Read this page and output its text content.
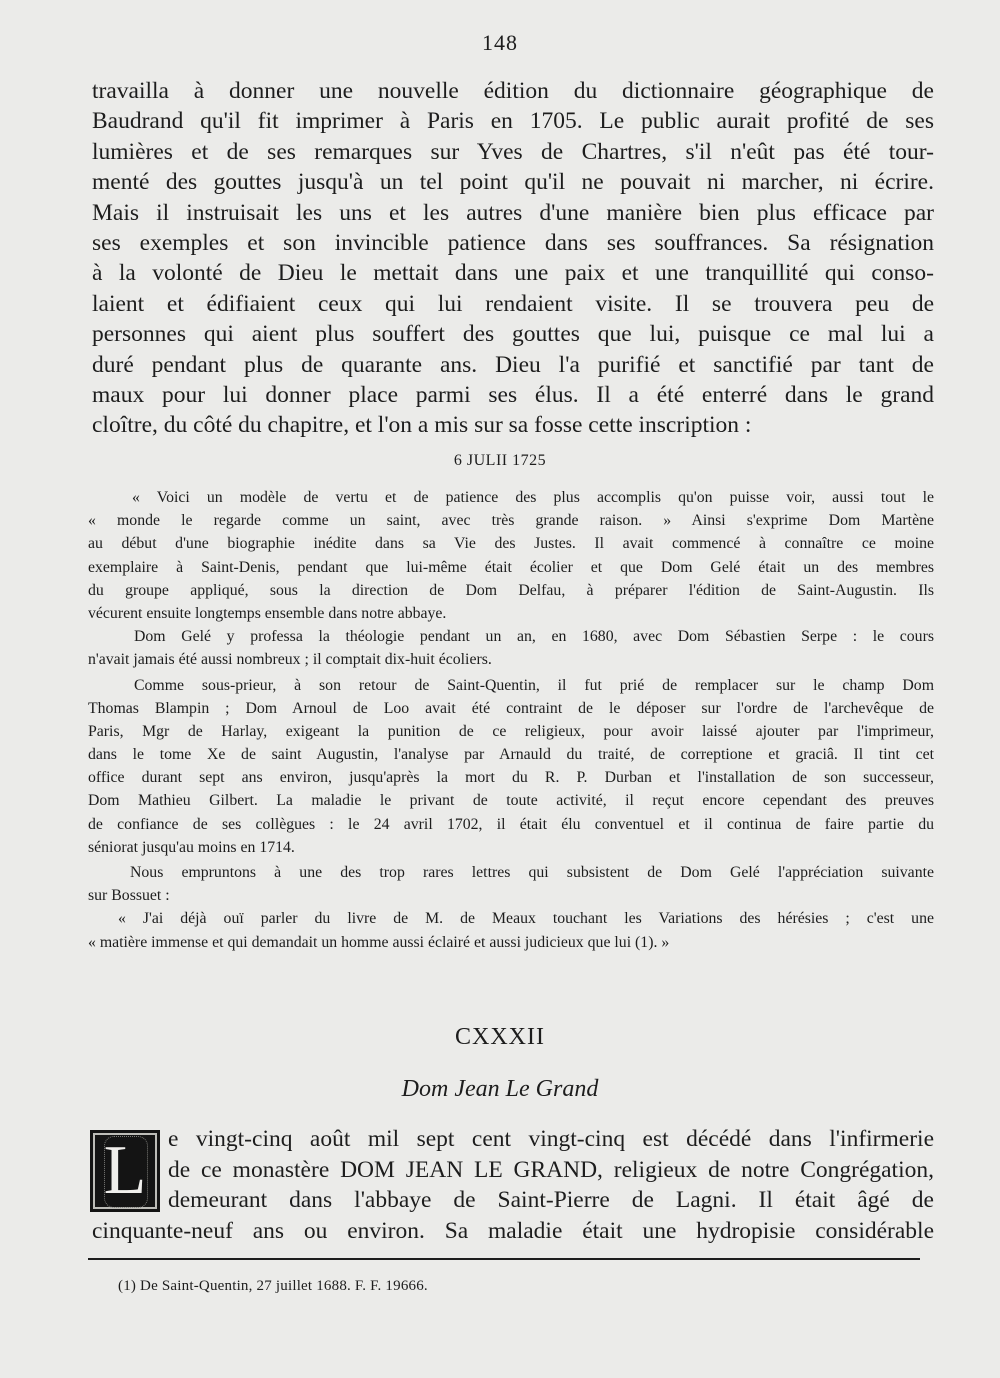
148
travailla à donner une nouvelle édition du dictionnaire géographique de
Baudrand qu'il fit imprimer à Paris en 1705. Le public aurait profité de ses
lumières et de ses remarques sur Yves de Chartres, s'il n'eût pas été tour-
menté des gouttes jusqu'à un tel point qu'il ne pouvait ni marcher, ni écrire.
Mais il instruisait les uns et les autres d'une manière bien plus efficace par
ses exemples et son invincible patience dans ses souffrances. Sa résignation
à la volonté de Dieu le mettait dans une paix et une tranquillité qui conso-
laient et édifiaient ceux qui lui rendaient visite. Il se trouvera peu de
personnes qui aient plus souffert des gouttes que lui, puisque ce mal lui a
duré pendant plus de quarante ans. Dieu l'a purifié et sanctifié par tant de
maux pour lui donner place parmi ses élus. Il a été enterré dans le grand
cloître, du côté du chapitre, et l'on a mis sur sa fosse cette inscription :
6 JULII 1725
« Voici un modèle de vertu et de patience des plus accomplis qu'on puisse voir, aussi tout le
« monde le regarde comme un saint, avec très grande raison. » Ainsi s'exprime Dom Martène
au début d'une biographie inédite dans sa Vie des Justes. Il avait commencé à connaître ce moine
exemplaire à Saint-Denis, pendant que lui-même était écolier et que Dom Gelé était un des membres
du groupe appliqué, sous la direction de Dom Delfau, à préparer l'édition de Saint-Augustin. Ils
vécurent ensuite longtemps ensemble dans notre abbaye.
Dom Gelé y professa la théologie pendant un an, en 1680, avec Dom Sébastien Serpe : le cours
n'avait jamais été aussi nombreux ; il comptait dix-huit écoliers.
Comme sous-prieur, à son retour de Saint-Quentin, il fut prié de remplacer sur le champ Dom
Thomas Blampin ; Dom Arnoul de Loo avait été contraint de le déposer sur l'ordre de l'archevêque de
Paris, Mgr de Harlay, exigeant la punition de ce religieux, pour avoir laissé ajouter par l'imprimeur,
dans le tome Xe de saint Augustin, l'analyse par Arnauld du traité, de correptione et graciâ. Il tint cet
office durant sept ans environ, jusqu'après la mort du R. P. Durban et l'installation de son successeur,
Dom Mathieu Gilbert. La maladie le privant de toute activité, il reçut encore cependant des preuves
de confiance de ses collègues : le 24 avril 1702, il était élu conventuel et il continua de faire partie du
séniorat jusqu'au moins en 1714.
Nous empruntons à une des trop rares lettres qui subsistent de Dom Gelé l'appréciation suivante
sur Bossuet :
« J'ai déjà ouï parler du livre de M. de Meaux touchant les Variations des hérésies ; c'est une
« matière immense et qui demandait un homme aussi éclairé et aussi judicieux que lui (1). »
CXXXII
Dom Jean Le Grand
L e vingt-cinq août mil sept cent vingt-cinq est décédé dans l'infirmerie
de ce monastère DOM JEAN LE GRAND, religieux de notre Congrégation,
demeurant dans l'abbaye de Saint-Pierre de Lagni. Il était âgé de
cinquante-neuf ans ou environ. Sa maladie était une hydropisie considérable
(1) De Saint-Quentin, 27 juillet 1688. F. F. 19666.
